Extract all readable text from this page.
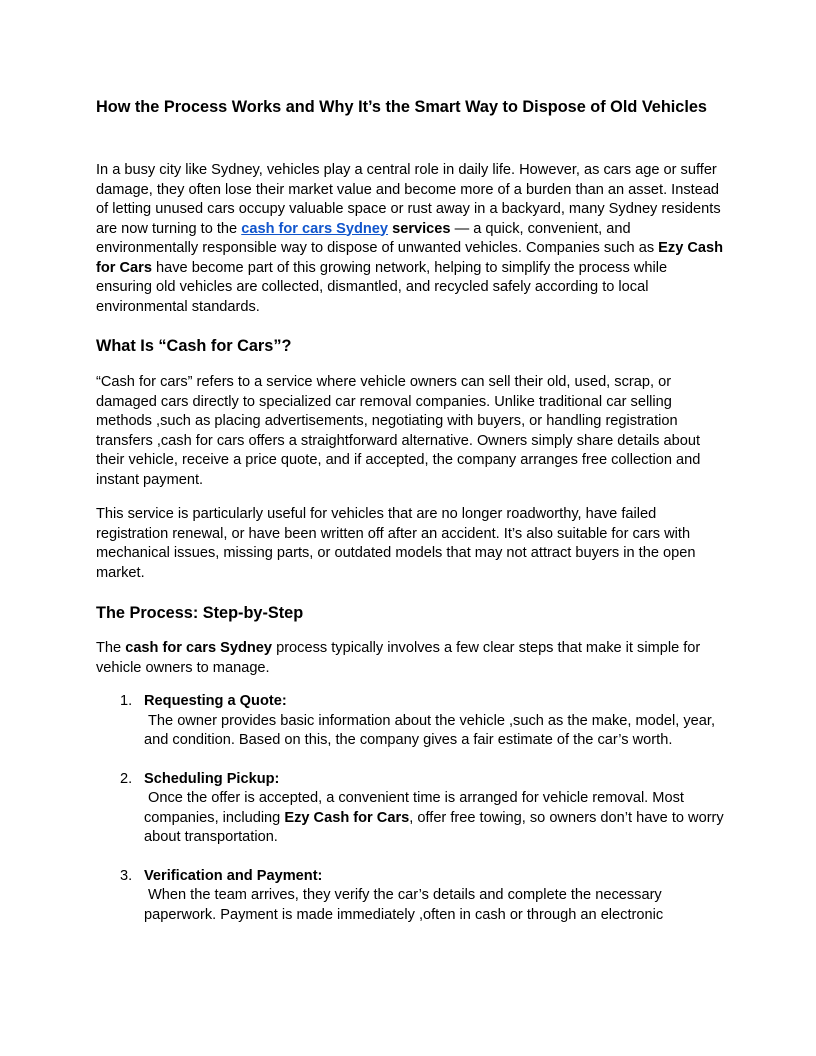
How the Process Works and Why It’s the Smart Way to Dispose of Old Vehicles

In a busy city like Sydney, vehicles play a central role in daily life. However, as cars age or suffer damage, they often lose their market value and become more of a burden than an asset. Instead of letting unused cars occupy valuable space or rust away in a backyard, many Sydney residents are now turning to the cash for cars Sydney services — a quick, convenient, and environmentally responsible way to dispose of unwanted vehicles. Companies such as Ezy Cash for Cars have become part of this growing network, helping to simplify the process while ensuring old vehicles are collected, dismantled, and recycled safely according to local environmental standards.

What Is “Cash for Cars”?

“Cash for cars” refers to a service where vehicle owners can sell their old, used, scrap, or damaged cars directly to specialized car removal companies. Unlike traditional car selling methods ,such as placing advertisements, negotiating with buyers, or handling registration transfers ,cash for cars offers a straightforward alternative. Owners simply share details about their vehicle, receive a price quote, and if accepted, the company arranges free collection and instant payment.

This service is particularly useful for vehicles that are no longer roadworthy, have failed registration renewal, or have been written off after an accident. It’s also suitable for cars with mechanical issues, missing parts, or outdated models that may not attract buyers in the open market.

The Process: Step-by-Step

The cash for cars Sydney process typically involves a few clear steps that make it simple for vehicle owners to manage.

1. Requesting a Quote:
The owner provides basic information about the vehicle ,such as the make, model, year, and condition. Based on this, the company gives a fair estimate of the car’s worth.
2. Scheduling Pickup:
Once the offer is accepted, a convenient time is arranged for vehicle removal. Most companies, including Ezy Cash for Cars, offer free towing, so owners don’t have to worry about transportation.
3. Verification and Payment:
When the team arrives, they verify the car’s details and complete the necessary paperwork. Payment is made immediately ,often in cash or through an electronic
